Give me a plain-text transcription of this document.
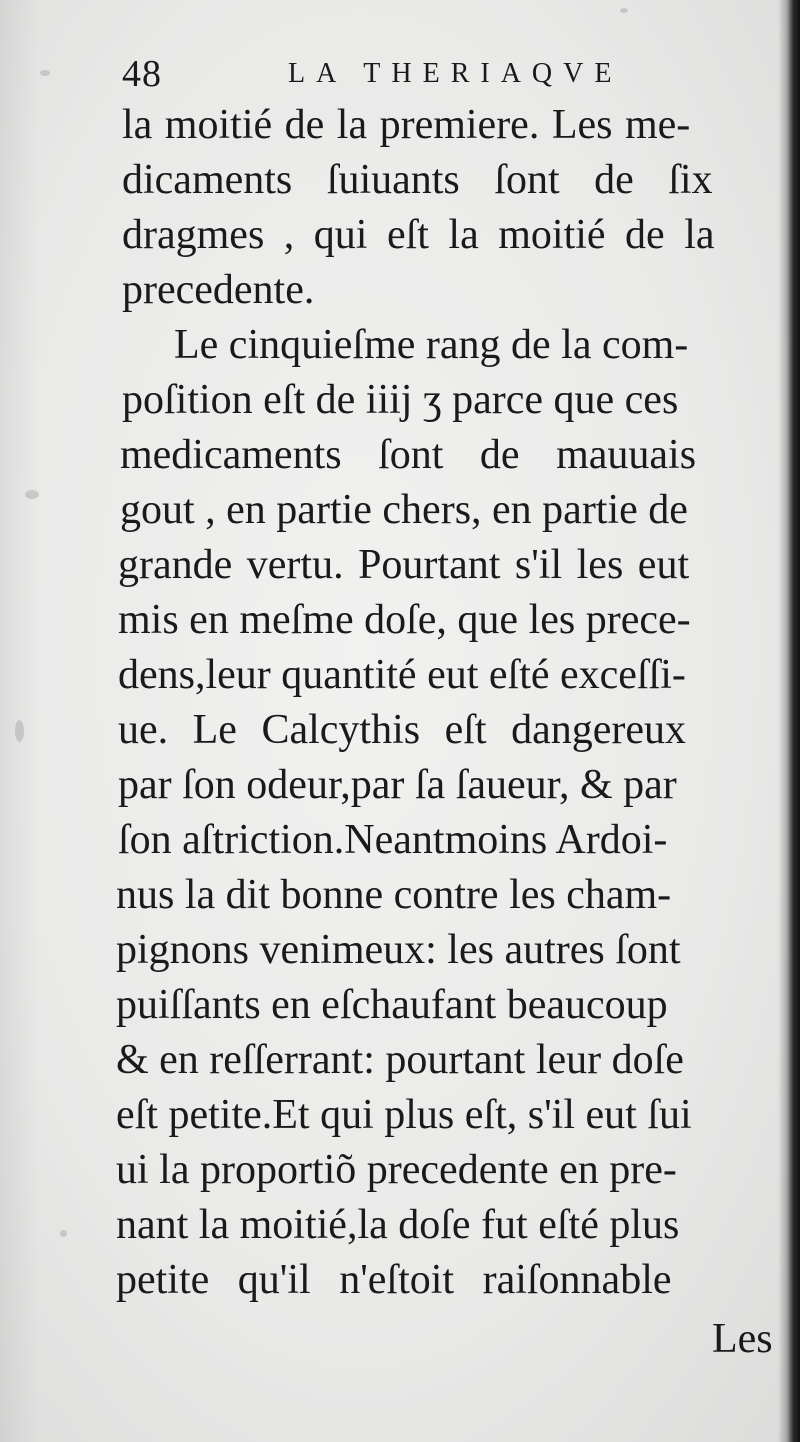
48	LA THERIAQVE
la moitié de la premiere. Les me-
dicaments ſuiuants ſont de ſix
dragmes , qui eſt la moitié de la
precedente.
Le cinquieſme rang de la com-
poſition eſt de iiij ʒ parce que ces
medicaments ſont de mauuais
gout , en partie chers, en partie de
grande vertu. Pourtant s'il les eut
mis en meſme doſe, que les prece-
dens,leur quantité eut eſté exceſſi-
ue. Le Calcythis eſt dangereux
par ſon odeur,par ſa ſaueur, & par
ſon aſtriction.Neantmoins Ardoi-
nus la dit bonne contre les cham-
pignons venimeux: les autres ſont
puiſſants en eſchaufant beaucoup
& en reſſerrant: pourtant leur doſe
eſt petite.Et qui plus eſt, s'il eut ſui
ui la proportiõ precedente en pre-
nant la moitié,la doſe fut eſté plus
petite qu'il n'eſtoit raiſonnable
Les
